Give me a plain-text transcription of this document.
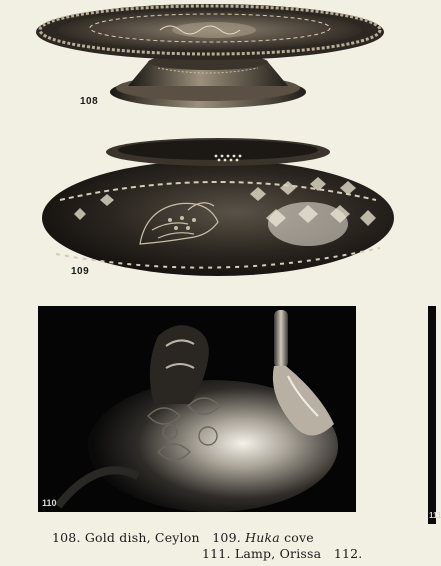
108
109
110
111
108. Gold dish, Ceylon 109. Huka cove
111. Lamp, Orissa 112.
